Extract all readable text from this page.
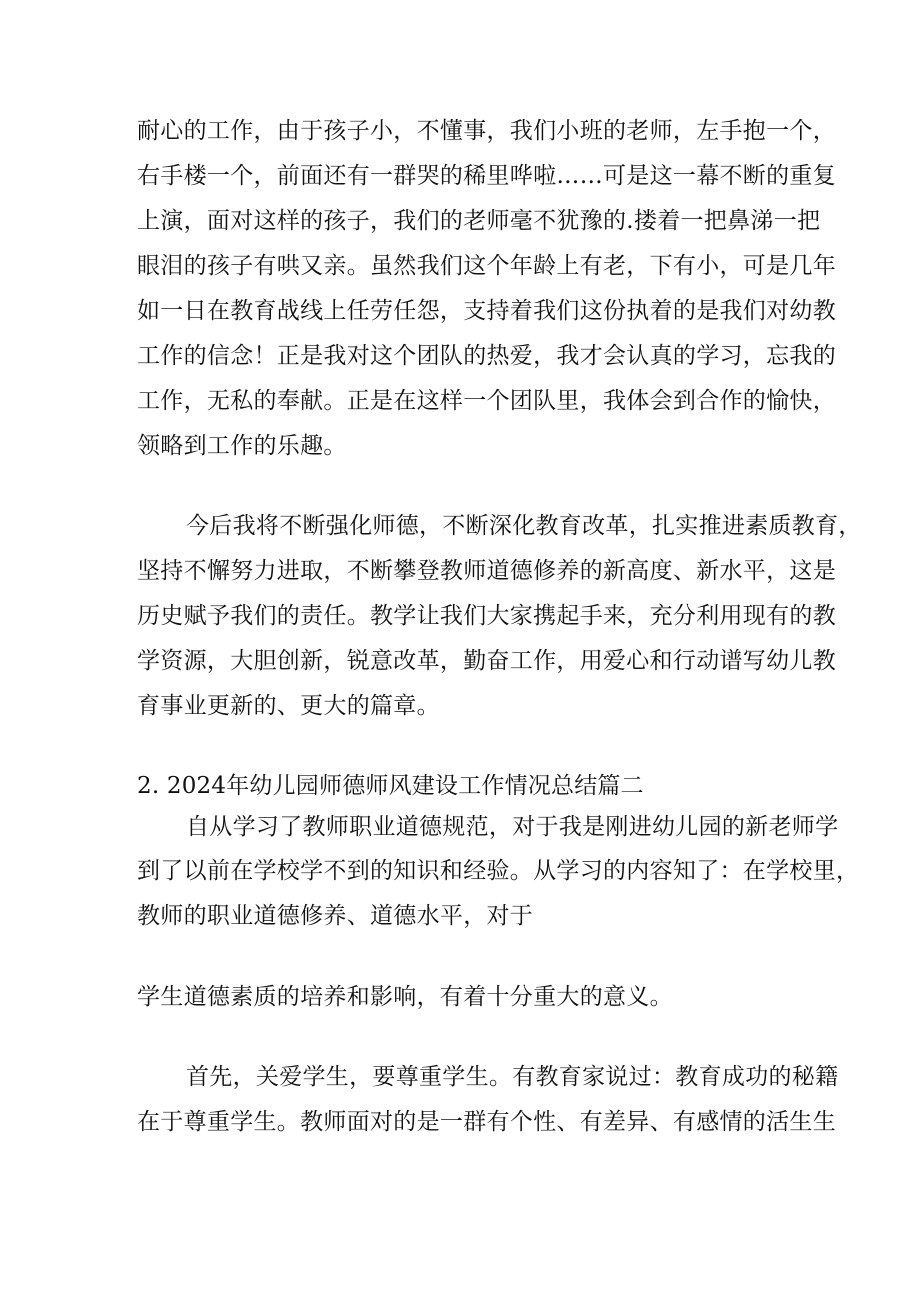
耐心的工作，由于孩子小，不懂事，我们小班的老师，左手抱一个，
右手楼一个，前面还有一群哭的稀里哗啦……可是这一幕不断的重复
上演，面对这样的孩子，我们的老师毫不犹豫的.搂着一把鼻涕一把
眼泪的孩子有哄又亲。虽然我们这个年龄上有老，下有小，可是几年
如一日在教育战线上任劳任怨，支持着我们这份执着的是我们对幼教
工作的信念！正是我对这个团队的热爱，我才会认真的学习，忘我的
工作，无私的奉献。正是在这样一个团队里，我体会到合作的愉快，
领略到工作的乐趣。
今后我将不断强化师德，不断深化教育改革，扎实推进素质教育，
坚持不懈努力进取，不断攀登教师道德修养的新高度、新水平，这是
历史赋予我们的责任。教学让我们大家携起手来，充分利用现有的教
学资源，大胆创新，锐意改革，勤奋工作，用爱心和行动谱写幼儿教
育事业更新的、更大的篇章。
2. 2024年幼儿园师德师风建设工作情况总结篇二
自从学习了教师职业道德规范，对于我是刚进幼儿园的新老师学
到了以前在学校学不到的知识和经验。从学习的内容知了：在学校里，
教师的职业道德修养、道德水平，对于
学生道德素质的培养和影响，有着十分重大的意义。
首先，关爱学生，要尊重学生。有教育家说过：教育成功的秘籍
在于尊重学生。教师面对的是一群有个性、有差异、有感情的活生生
